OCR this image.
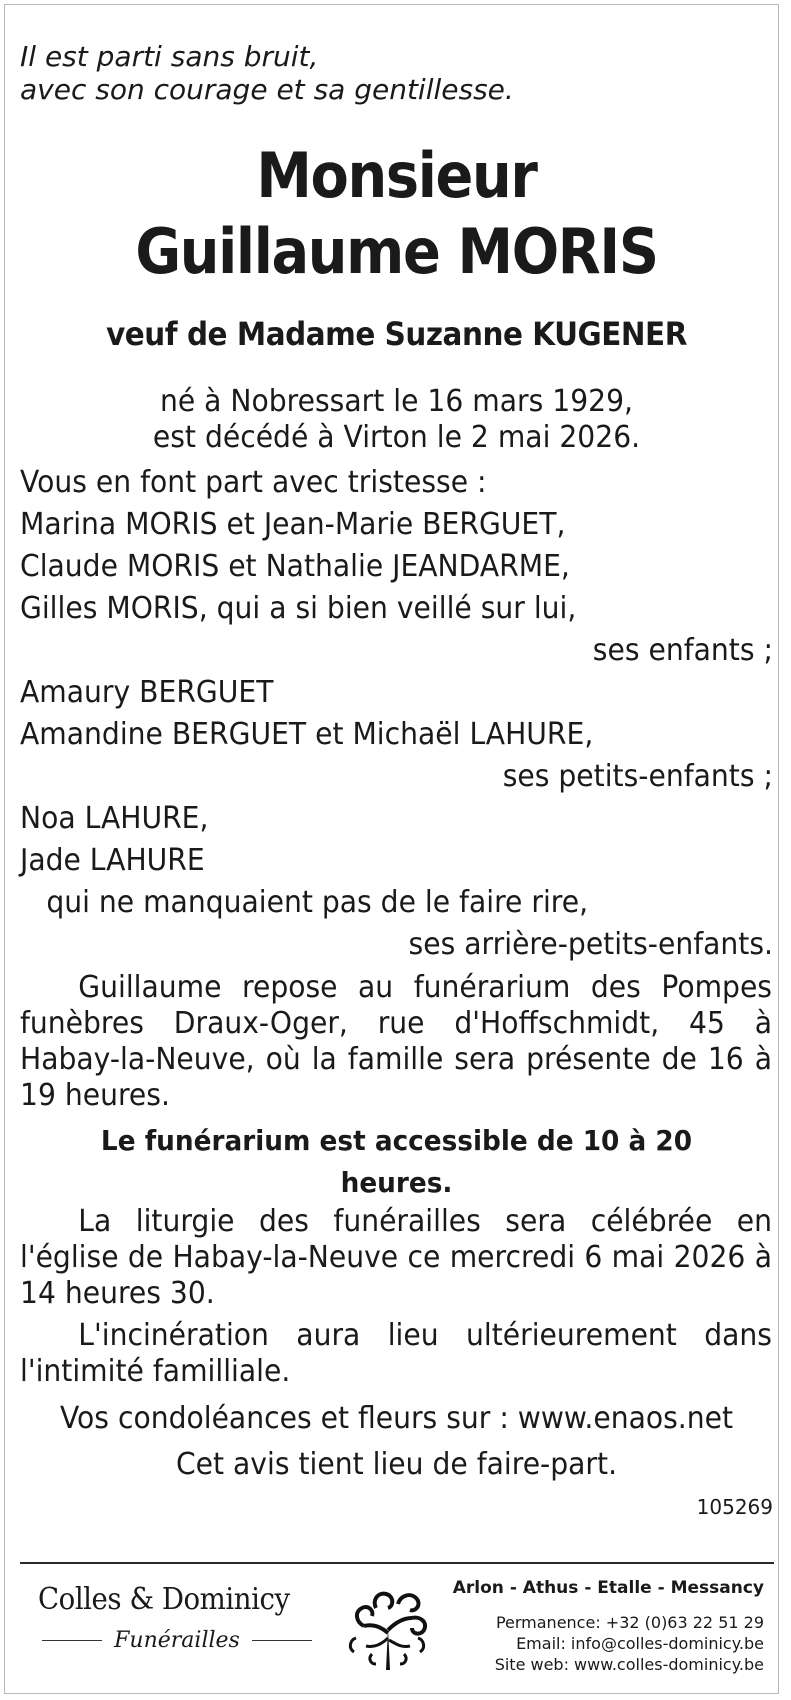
Il est parti sans bruit,

avec son courage et sa gentillesse.

Monsieur
Guillaume MORIS
veuf de Madame Suzanne KUGENER
né à Nobressart le 16 mars 1929,
est décédé à Virton le 2 mai 2026.
Vous en font part avec tristesse :
Marina MORIS et Jean-Marie BERGUET,
Claude MORIS et Nathalie JEANDARME,
Gilles MORIS, qui a si bien veillé sur lui,
ses enfants ;
Amaury BERGUET
Amandine BERGUET et Michaël LAHURE,
ses petits-enfants ;
Noa LAHURE,
Jade LAHURE
qui ne manquaient pas de le faire rire,
ses arrière-petits-enfants.
Guillaume repose au funérarium des Pompes funèbres Draux-Oger, rue d'Hoffschmidt, 45 à Habay-la-Neuve, où la famille sera présente de 16 à 19 heures.
Le funérarium est accessible de 10 à 20 heures.
La liturgie des funérailles sera célébrée en l'église de Habay-la-Neuve ce mercredi 6 mai 2026 à 14 heures 30.
L'incinération aura lieu ultérieurement dans l'intimité familliale.
Vos condoléances et fleurs sur : www.enaos.net
Cet avis tient lieu de faire-part.
105269
Colles & Dominicy
Funérailles
Arlon - Athus - Etalle - Messancy
Permanence: +32 (0)63 22 51 29
Email: info@colles-dominicy.be
Site web: www.colles-dominicy.be
